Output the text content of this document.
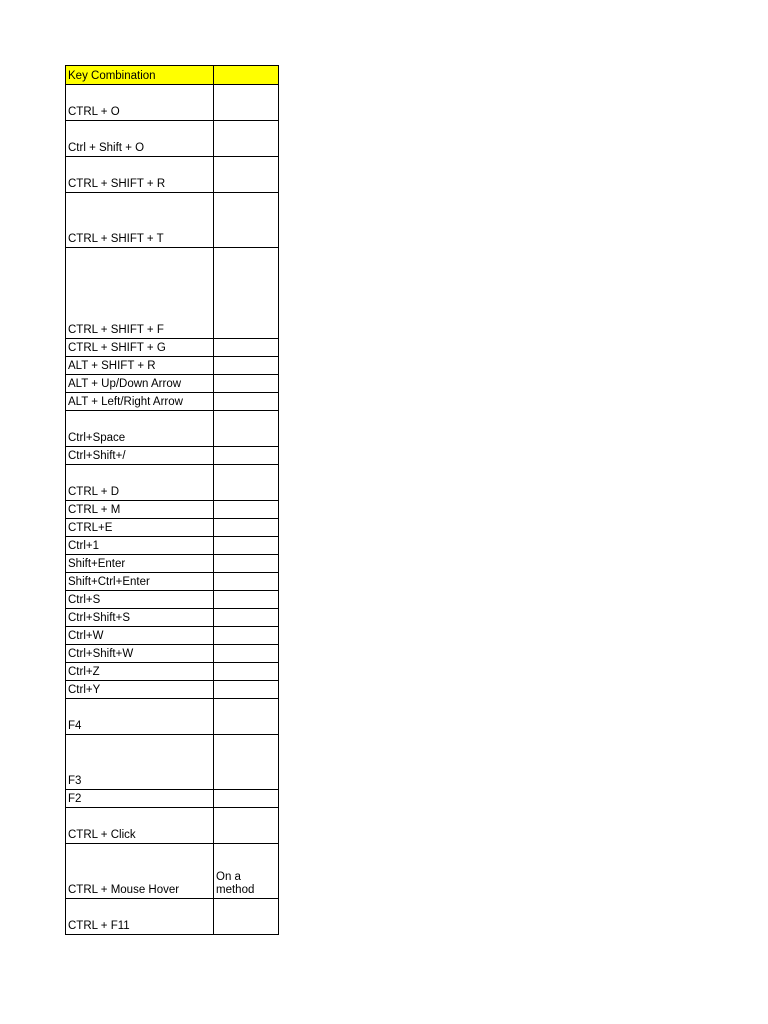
Key Combination	
CTRL + O	
Ctrl + Shift + O	
CTRL + SHIFT + R	
CTRL + SHIFT + T	
CTRL + SHIFT + F	
CTRL + SHIFT + G	
ALT + SHIFT + R	
ALT + Up/Down Arrow	
ALT + Left/Right Arrow	
Ctrl+Space	
Ctrl+Shift+/	
CTRL + D	
CTRL + M	
CTRL+E	
Ctrl+1	
Shift+Enter	
Shift+Ctrl+Enter	
Ctrl+S	
Ctrl+Shift+S	
Ctrl+W	
Ctrl+Shift+W	
Ctrl+Z	
Ctrl+Y	
F4	
F3	
F2	
CTRL + Click	
CTRL + Mouse Hover	On a method
CTRL + F11	
